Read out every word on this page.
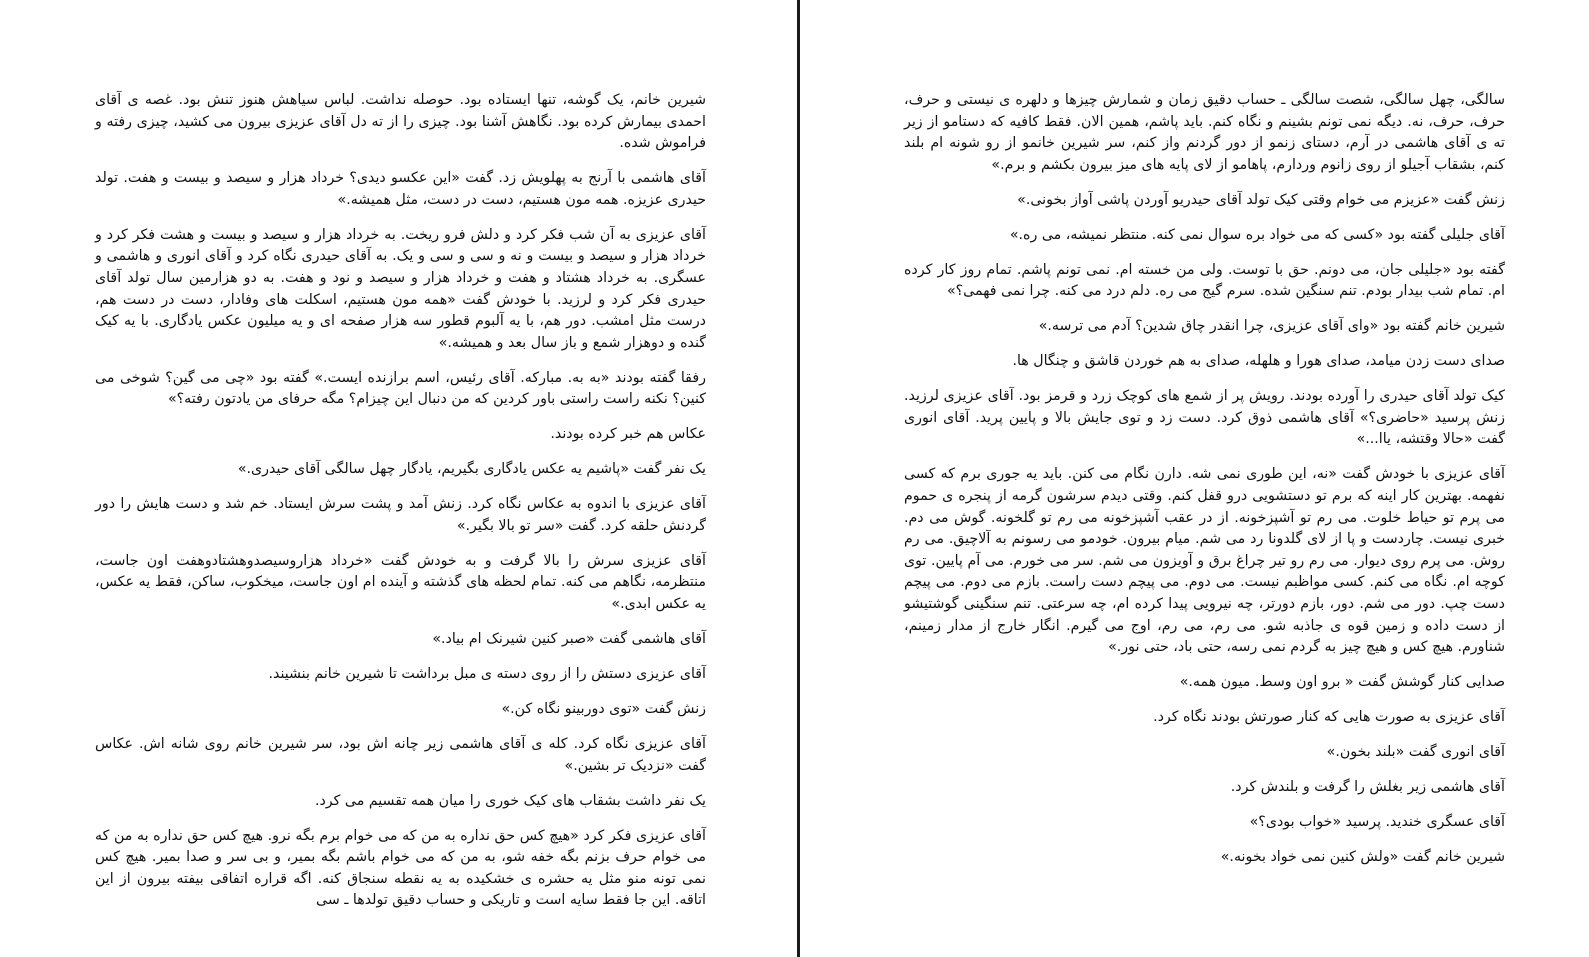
سالگی، چهل سالگی، شصت سالگی ـ حساب دقیق زمان و شمارش چیزها و دلهره ی نیستی و حرف، حرف، حرف، نه. دیگه نمی تونم بشینم و نگاه کنم. باید پاشم، همین الان. فقط کافیه که دستامو از زیر ته ی آقای هاشمی در آرم، دستای زنمو از دور گردنم واز کنم، سر شیرین خانمو از رو شونه ام بلند کنم، بشقاب آجیلو از روی زانوم وردارم، پاهامو از لای پایه های میز بیرون بکشم و برم.»

زنش گفت «عزیزم می خوام وقتی کیک تولد آقای حیدریو آوردن پاشی آواز بخونی.»

آقای جلیلی گفته بود «کسی که می خواد بره سوال نمی کنه. منتظر نمیشه، می ره.»

گفته بود «جلیلی جان، می دونم. حق با توست. ولی من خسته ام. نمی تونم پاشم. تمام روز کار کرده ام. تمام شب بیدار بودم. تنم سنگین شده. سرم گیج می ره. دلم درد می کنه. چرا نمی فهمی؟»

شیرین خانم گفته بود «وای آقای عزیزی، چرا انقدر چاق شدین؟ آدم می ترسه.»

صدای دست زدن میامد، صدای هورا و هلهله، صدای به هم خوردن قاشق و چنگال ها.

کیک تولد آقای حیدری را آورده بودند. رویش پر از شمع های کوچک زرد و قرمز بود. آقای عزیزی لرزید. زنش پرسید «حاضری؟» آقای هاشمی ذوق کرد. دست زد و توی جایش بالا و پایین پرید. آقای انوری گفت «حالا وقتشه، یاا...»

آقای عزیزی با خودش گفت «نه، این طوری نمی شه. دارن نگام می کنن. باید یه جوری برم که کسی نفهمه. بهترین کار اینه که برم تو دستشویی درو قفل کنم. وقتی دیدم سرشون گرمه از پنجره ی حموم می پرم تو حیاط خلوت. می رم تو آشپزخونه. از در عقب آشپزخونه می رم تو گلخونه. گوش می دم. خبری نیست. چاردست و پا از لای گلدونا رد می شم. میام بیرون. خودمو می رسونم به آلاچیق. می رم روش. می پرم روی دیوار. می رم رو تیر چراغ برق و آویزون می شم. سر می خورم. می آم پایین. توی کوچه ام. نگاه می کنم. کسی مواظبم نیست. می دوم. می پیچم دست راست. بازم می دوم. می پیچم دست چپ. دور می شم. دور، بازم دورتر، چه نیرویی پیدا کرده ام، چه سرعتی. تنم سنگینی گوشتیشو از دست داده و زمین قوه ی جاذبه شو. می رم، می رم، اوج می گیرم. انگار خارج از مدار زمینم، شناورم. هیچ کس و هیچ چیز به گردم نمی رسه، حتی باد، حتی نور.»

صدایی کنار گوشش گفت « برو اون وسط. میون همه.»

آقای عزیزی به صورت هایی که کنار صورتش بودند نگاه کرد.

آقای انوری گفت «بلند بخون.»

آقای هاشمی زیر بغلش را گرفت و بلندش کرد.

آقای عسگری خندید. پرسید «خواب بودی؟»

شیرین خانم گفت «ولش کنین نمی خواد بخونه.»

شیرین خانم، یک گوشه، تنها ایستاده بود. حوصله نداشت. لباس سیاهش هنوز تنش بود. غصه ی آقای احمدی بیمارش کرده بود. نگاهش آشنا بود. چیزی را از ته دل آقای عزیزی بیرون می کشید، چیزی رفته و فراموش شده.

آقای هاشمی با آرنج به پهلویش زد. گفت «این عکسو دیدی؟ خرداد هزار و سیصد و بیست و هفت. تولد حیدری عزیزه. همه مون هستیم، دست در دست، مثل همیشه.»

آقای عزیزی به آن شب فکر کرد و دلش فرو ریخت. به خرداد هزار و سیصد و بیست و هشت فکر کرد و خرداد هزار و سیصد و بیست و نه و سی و سی و یک. به آقای حیدری نگاه کرد و آقای انوری و هاشمی و عسگری. به خرداد هشتاد و هفت و خرداد هزار و سیصد و نود و هفت. به دو هزارمین سال تولد آقای حیدری فکر کرد و لرزید. با خودش گفت «همه مون هستیم، اسکلت های وفادار، دست در دست هم، درست مثل امشب. دور هم، با یه آلبوم قطور سه هزار صفحه ای و یه میلیون عکس یادگاری. با یه کیک گنده و دوهزار شمع و باز سال بعد و همیشه.»

رفقا گفته بودند «به به. مبارکه. آقای رئیس، اسم برازنده ایست.» گفته بود «چی می گین؟ شوخی می کنین؟ نکنه راست راستی باور کردین که من دنبال این چیزام؟ مگه حرفای من یادتون رفته؟»

عکاس هم خبر کرده بودند.

یک نفر گفت «پاشیم یه عکس یادگاری بگیریم، یادگار چهل سالگی آقای حیدری.»

آقای عزیزی با اندوه به عکاس نگاه کرد. زنش آمد و پشت سرش ایستاد. خم شد و دست هایش را دور گردنش حلقه کرد. گفت «سر تو بالا بگیر.»

آقای عزیزی سرش را بالا گرفت و به خودش گفت «خرداد هزاروسیصدوهشتادوهفت اون جاست، منتظرمه، نگاهم می کنه. تمام لحظه های گذشته و آینده ام اون جاست، میخکوب، ساکن، فقط یه عکس، یه عکس ابدی.»

آقای هاشمی گفت «صبر کنین شیرنک ام بیاد.»

آقای عزیزی دستش را از روی دسته ی مبل برداشت تا شیرین خانم بنشیند.

زنش گفت «توی دوربینو نگاه کن.»

آقای عزیزی نگاه کرد. کله ی آقای هاشمی زیر چانه اش بود، سر شیرین خانم روی شانه اش. عکاس گفت «نزدیک تر بشین.»

یک نفر داشت بشقاب های کیک خوری را میان همه تقسیم می کرد.

آقای عزیزی فکر کرد «هیچ کس حق نداره به من که می خوام برم بگه نرو. هیچ کس حق نداره به من که می خوام حرف بزنم بگه خفه شو، به من که می خوام باشم بگه بمیر، و بی سر و صدا بمیر. هیچ کس نمی تونه منو مثل یه حشره ی خشکیده به یه نقطه سنجاق کنه. اگه قراره اتفاقی بیفته بیرون از این اتاقه. این جا فقط سایه است و تاریکی و حساب دقیق تولدها ـ سی
